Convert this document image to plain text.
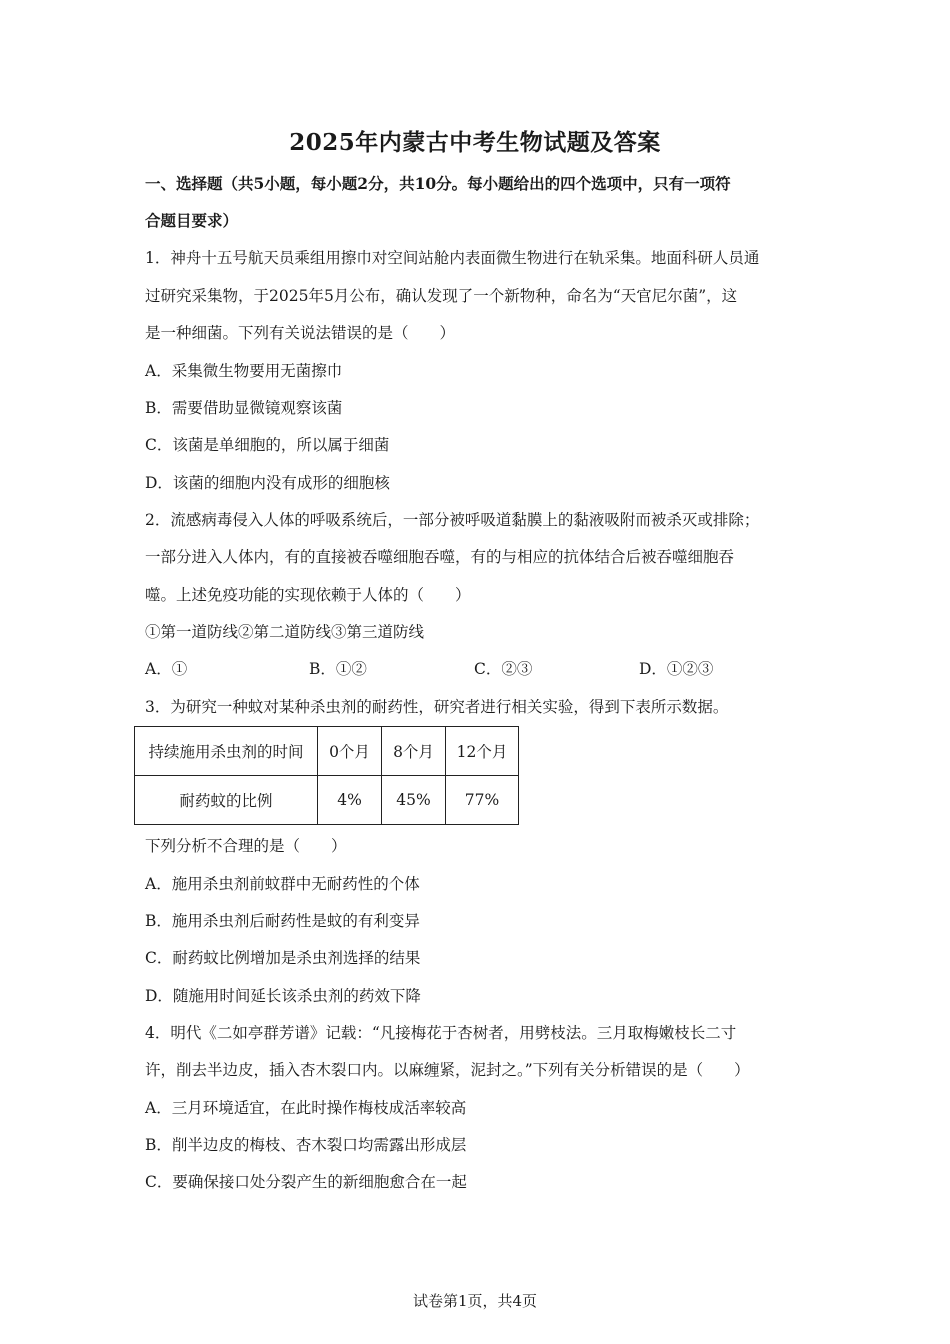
2025年内蒙古中考生物试题及答案
一、选择题（共5小题，每小题2分，共10分。每小题给出的四个选项中，只有一项符
合题目要求）
1．神舟十五号航天员乘组用擦巾对空间站舱内表面微生物进行在轨采集。地面科研人员通
过研究采集物，于2025年5月公布，确认发现了一个新物种，命名为“天官尼尔菌”，这
是一种细菌。下列有关说法错误的是（　　）
A．采集微生物要用无菌擦巾
B．需要借助显微镜观察该菌
C．该菌是单细胞的，所以属于细菌
D．该菌的细胞内没有成形的细胞核
2．流感病毒侵入人体的呼吸系统后，一部分被呼吸道黏膜上的黏液吸附而被杀灭或排除；
一部分进入人体内，有的直接被吞噬细胞吞噬，有的与相应的抗体结合后被吞噬细胞吞
噬。上述免疫功能的实现依赖于人体的（　　）
①第一道防线②第二道防线③第三道防线
A．①	B．①②	C．②③	D．①②③
3．为研究一种蚊对某种杀虫剂的耐药性，研究者进行相关实验，得到下表所示数据。
持续施用杀虫剂的时间	0个月	8个月	12个月
耐药蚊的比例	4%	45%	77%
下列分析不合理的是（　　）
A．施用杀虫剂前蚊群中无耐药性的个体
B．施用杀虫剂后耐药性是蚊的有利变异
C．耐药蚊比例增加是杀虫剂选择的结果
D．随施用时间延长该杀虫剂的药效下降
4．明代《二如亭群芳谱》记载：“凡接梅花于杏树者，用劈枝法。三月取梅嫩枝长二寸
许，削去半边皮，插入杏木裂口内。以麻缠紧，泥封之。”下列有关分析错误的是（　　）
A．三月环境适宜，在此时操作梅枝成活率较高
B．削半边皮的梅枝、杏木裂口均需露出形成层
C．要确保接口处分裂产生的新细胞愈合在一起
试卷第1页，共4页
